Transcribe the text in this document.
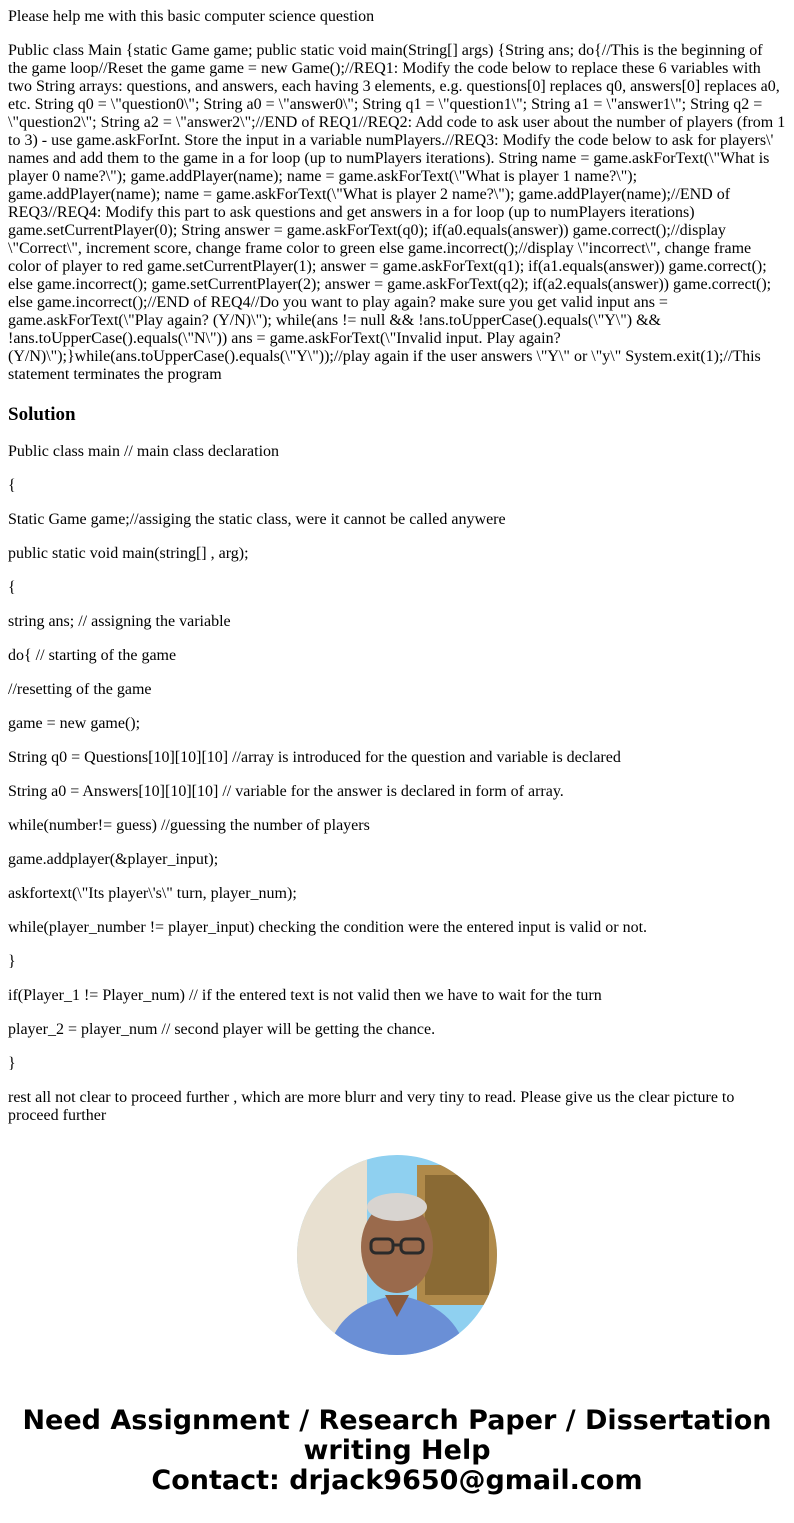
Please help me with this basic computer science question

Public class Main {static Game game; public static void main(String[] args) {String ans; do{//This is the beginning of the game loop//Reset the game game = new Game();//REQ1: Modify the code below to replace these 6 variables with two String arrays: questions, and answers, each having 3 elements, e.g. questions[0] replaces q0, answers[0] replaces a0, etc. String q0 = \"question0\"; String a0 = \"answer0\"; String q1 = \"question1\"; String a1 = \"answer1\"; String q2 = \"question2\"; String a2 = \"answer2\";//END of REQ1//REQ2: Add code to ask user about the number of players (from 1 to 3) - use game.askForInt. Store the input in a variable numPlayers.//REQ3: Modify the code below to ask for players\' names and add them to the game in a for loop (up to numPlayers iterations). String name = game.askForText(\"What is player 0 name?\"); game.addPlayer(name); name = game.askForText(\"What is player 1 name?\"); game.addPlayer(name); name = game.askForText(\"What is player 2 name?\"); game.addPlayer(name);//END of REQ3//REQ4: Modify this part to ask questions and get answers in a for loop (up to numPlayers iterations) game.setCurrentPlayer(0); String answer = game.askForText(q0); if(a0.equals(answer)) game.correct();//display \"Correct\", increment score, change frame color to green else game.incorrect();//display \"incorrect\", change frame color of player to red game.setCurrentPlayer(1); answer = game.askForText(q1); if(a1.equals(answer)) game.correct(); else game.incorrect(); game.setCurrentPlayer(2); answer = game.askForText(q2); if(a2.equals(answer)) game.correct(); else game.incorrect();//END of REQ4//Do you want to play again? make sure you get valid input ans = game.askForText(\"Play again? (Y/N)\"); while(ans != null && !ans.toUpperCase().equals(\"Y\") && !ans.toUpperCase().equals(\"N\")) ans = game.askForText(\"Invalid input. Play again? (Y/N)\");}while(ans.toUpperCase().equals(\"Y\"));//play again if the user answers \"Y\" or \"y\" System.exit(1);//This statement terminates the program

Solution

Public class main // main class declaration

{

Static Game game;//assiging the static class, were it cannot be called anywere

public static void main(string[] , arg);

{

string ans; // assigning the variable

do{ // starting of the game

//resetting of the game

game = new game();

String q0 = Questions[10][10][10] //array is introduced for the question and variable is declared

String a0 = Answers[10][10][10] // variable for the answer is declared in form of array.

while(number!= guess) //guessing the number of players

game.addplayer(&player_input);

askfortext(\"Its player\'s\" turn, player_num);

while(player_number != player_input) checking the condition were the entered input is valid or not.

}

if(Player_1 != Player_num) // if the entered text is not valid then we have to wait for the turn

player_2 = player_num // second player will be getting the chance.

}

rest all not clear to proceed further , which are more blurr and very tiny to read. Please give us the clear picture to proceed further

Need Assignment / Research Paper / Dissertation
writing Help
Contact: drjack9650@gmail.com
